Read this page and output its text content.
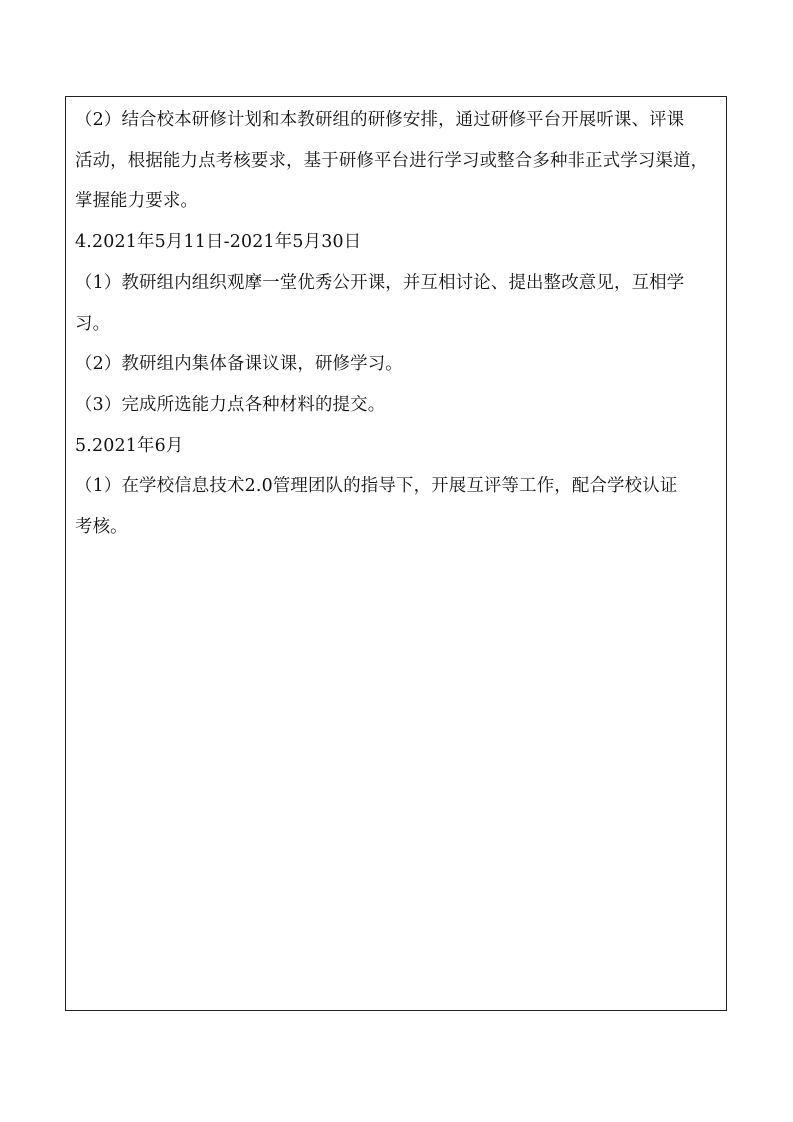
（2）结合校本研修计划和本教研组的研修安排，通过研修平台开展听课、评课

活动，根据能力点考核要求，基于研修平台进行学习或整合多种非正式学习渠道，

掌握能力要求。

4.2021年5月11日-2021年5月30日

（1）教研组内组织观摩一堂优秀公开课，并互相讨论、提出整改意见，互相学

习。

（2）教研组内集体备课议课，研修学习。

（3）完成所选能力点各种材料的提交。

5.2021年6月

（1）在学校信息技术2.0管理团队的指导下，开展互评等工作，配合学校认证

考核。
